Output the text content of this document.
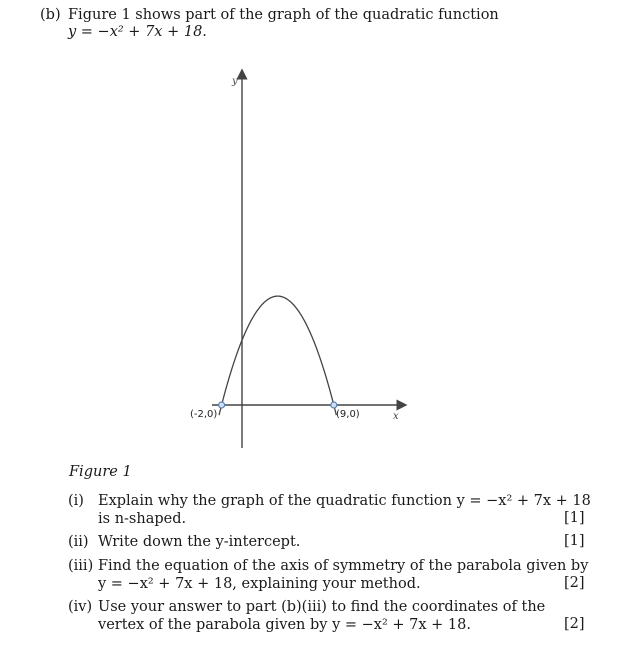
(b) Figure 1 shows part of the graph of the quadratic function
y = −x² + 7x + 18.
y
x
(-2,0)	(9,0)
Figure 1
(i) Explain why the graph of the quadratic function y = −x² + 7x + 18
is n-shaped.	[1]
(ii) Write down the y-intercept.	[1]
(iii) Find the equation of the axis of symmetry of the parabola given by
y = −x² + 7x + 18, explaining your method.	[2]
(iv) Use your answer to part (b)(iii) to find the coordinates of the
vertex of the parabola given by y = −x² + 7x + 18.	[2]
